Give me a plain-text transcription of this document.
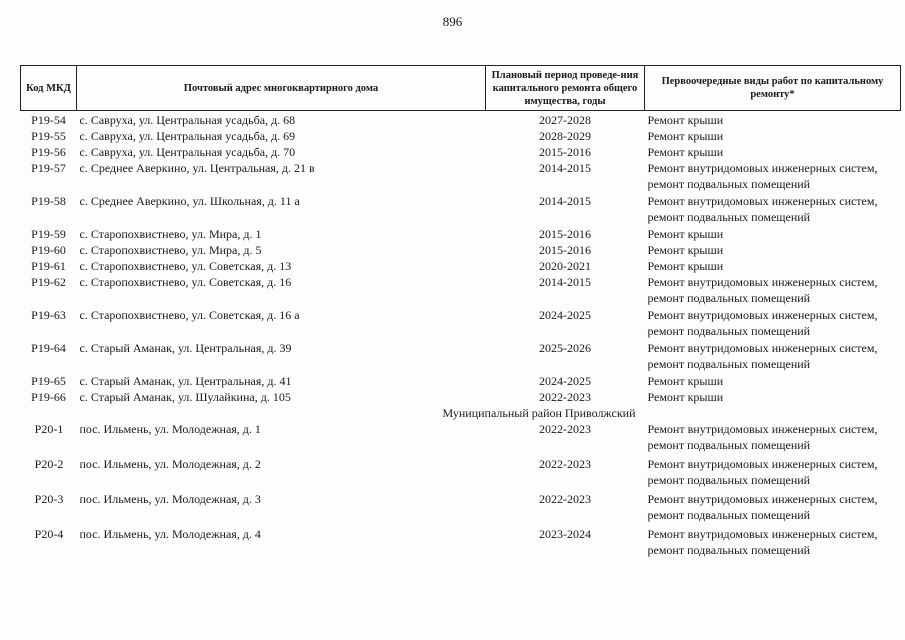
896
Код МКД	Почтовый адрес многоквартирного дома	Плановый период проведе-ния капитального ремонта общего имущества, годы	Первоочередные виды работ по капитальному ремонту*
Р19-54	с. Савруха, ул. Центральная усадьба, д. 68	2027-2028	Ремонт крыши

Р19-55	с. Савруха, ул. Центральная усадьба, д. 69	2028-2029	Ремонт крыши

Р19-56	с. Савруха, ул. Центральная усадьба, д. 70	2015-2016	Ремонт крыши

Р19-57	с. Среднее Аверкино, ул. Центральная, д. 21 в	2014-2015	Ремонт внутридомовых инженерных систем,
ремонт подвальных помещений

Р19-58	с. Среднее Аверкино, ул. Школьная, д. 11 а	2014-2015	Ремонт внутридомовых инженерных систем,
ремонт подвальных помещений

Р19-59	с. Старопохвистнево, ул. Мира, д. 1	2015-2016	Ремонт крыши

Р19-60	с. Старопохвистнево, ул. Мира, д. 5	2015-2016	Ремонт крыши

Р19-61	с. Старопохвистнево, ул. Советская, д. 13	2020-2021	Ремонт крыши

Р19-62	с. Старопохвистнево, ул. Советская, д. 16	2014-2015	Ремонт внутридомовых инженерных систем,
ремонт подвальных помещений

Р19-63	с. Старопохвистнево, ул. Советская, д. 16 а	2024-2025	Ремонт внутридомовых инженерных систем,
ремонт подвальных помещений

Р19-64	с. Старый Аманак, ул. Центральная, д. 39	2025-2026	Ремонт внутридомовых инженерных систем,
ремонт подвальных помещений

Р19-65	с. Старый Аманак, ул. Центральная, д. 41	2024-2025	Ремонт крыши

Р19-66	с. Старый Аманак, ул. Шулайкина, д. 105	2022-2023	Ремонт крыши

Муниципальный район Приволжский			
Р20-1	пос. Ильмень, ул. Молодежная, д. 1	2022-2023	Ремонт внутридомовых инженерных систем,
ремонт подвальных помещений

Р20-2	пос. Ильмень, ул. Молодежная, д. 2	2022-2023	Ремонт внутридомовых инженерных систем,
ремонт подвальных помещений

Р20-3	пос. Ильмень, ул. Молодежная, д. 3	2022-2023	Ремонт внутридомовых инженерных систем,
ремонт подвальных помещений

Р20-4	пос. Ильмень, ул. Молодежная, д. 4	2023-2024	Ремонт внутридомовых инженерных систем,
ремонт подвальных помещений
